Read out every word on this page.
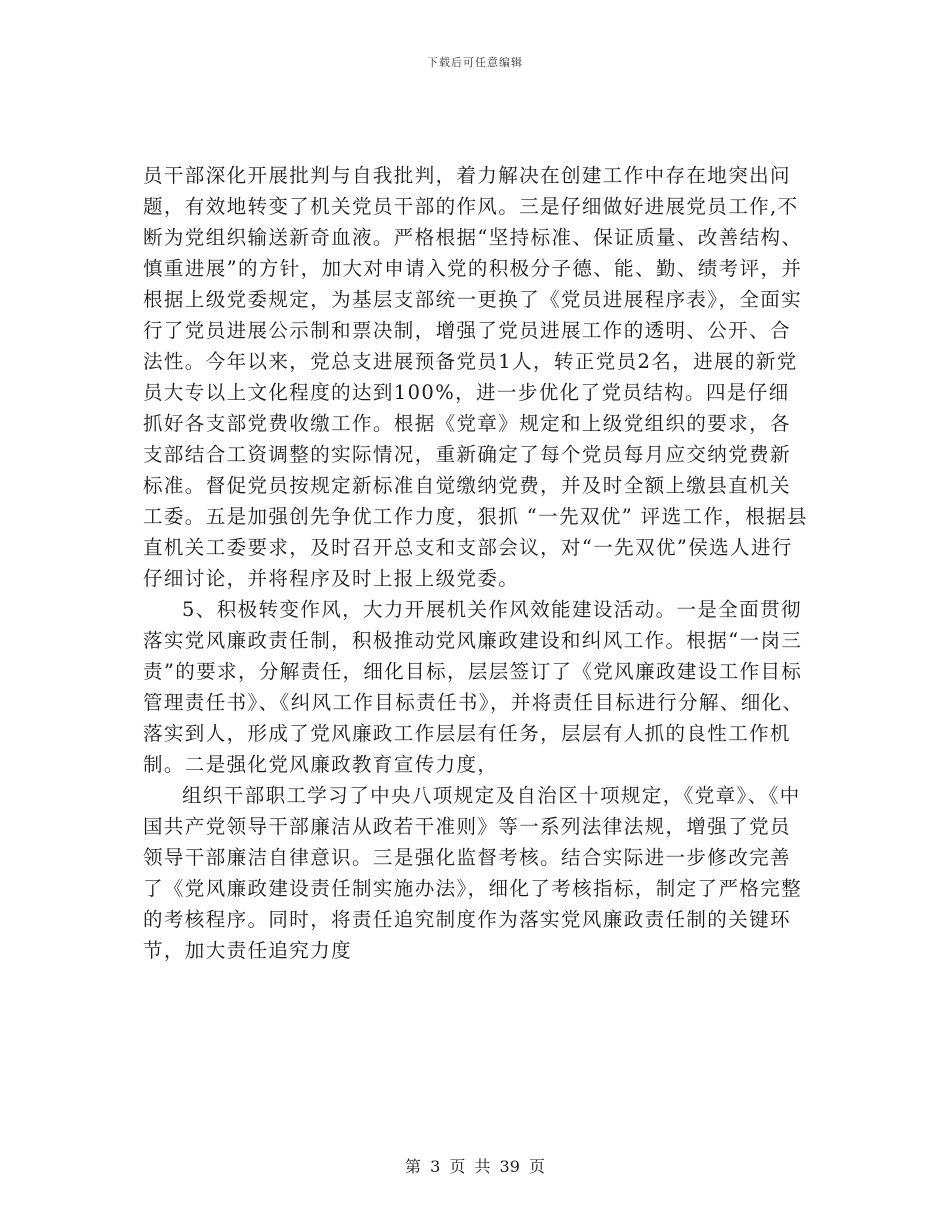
下载后可任意编辑

员干部深化开展批判与自我批判，着力解决在创建工作中存在地突出问题，有效地转变了机关党员干部的作风。三是仔细做好进展党员工作,不断为党组织输送新奇血液。严格根据“坚持标准、保证质量、改善结构、慎重进展”的方针，加大对申请入党的积极分子德、能、勤、绩考评，并根据上级党委规定，为基层支部统一更换了《党员进展程序表》，全面实行了党员进展公示制和票决制，增强了党员进展工作的透明、公开、合法性。今年以来，党总支进展预备党员1人，转正党员2名，进展的新党员大专以上文化程度的达到100%，进一步优化了党员结构。四是仔细抓好各支部党费收缴工作。根据《党章》规定和上级党组织的要求，各支部结合工资调整的实际情况，重新确定了每个党员每月应交纳党费新标准。督促党员按规定新标准自觉缴纳党费，并及时全额上缴县直机关工委。五是加强创先争优工作力度，狠抓 “一先双优” 评选工作，根据县直机关工委要求，及时召开总支和支部会议，对“一先双优”侯选人进行仔细讨论，并将程序及时上报上级党委。

5、积极转变作风，大力开展机关作风效能建设活动。一是全面贯彻落实党风廉政责任制，积极推动党风廉政建设和纠风工作。根据“一岗三责”的要求，分解责任，细化目标，层层签订了《党风廉政建设工作目标管理责任书》、《纠风工作目标责任书》，并将责任目标进行分解、细化、落实到人，形成了党风廉政工作层层有任务，层层有人抓的良性工作机制。二是强化党风廉政教育宣传力度，

组织干部职工学习了中央八项规定及自治区十项规定，《党章》、《中国共产党领导干部廉洁从政若干准则》等一系列法律法规，增强了党员领导干部廉洁自律意识。三是强化监督考核。结合实际进一步修改完善了《党风廉政建设责任制实施办法》，细化了考核指标，制定了严格完整的考核程序。同时，将责任追究制度作为落实党风廉政责任制的关键环节，加大责任追究力度

第 3 页 共 39 页
